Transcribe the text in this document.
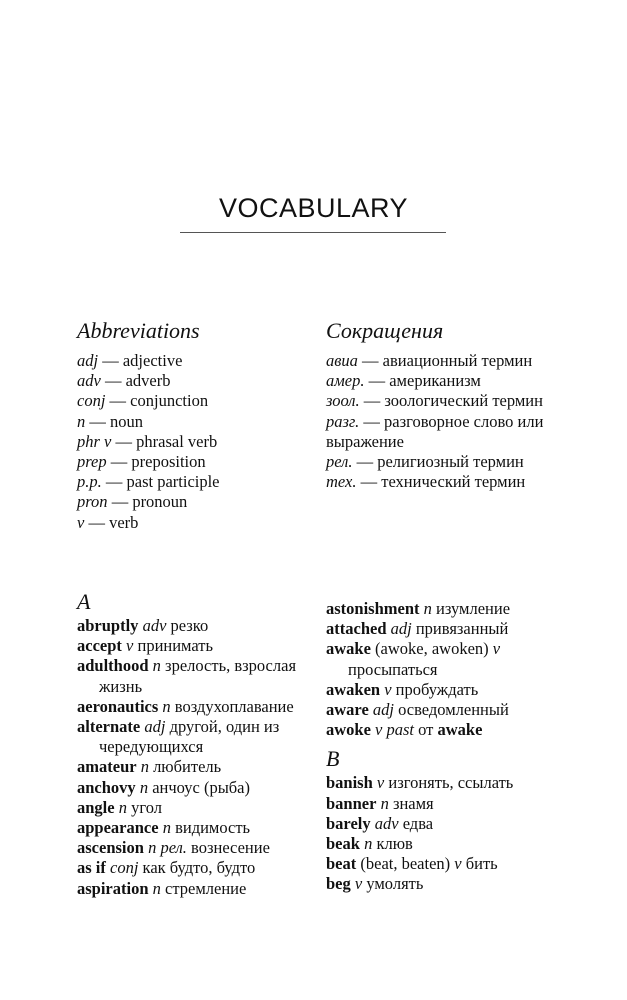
VOCABULARY
Abbreviations
adj — adjective
adv — adverb
conj — conjunction
n — noun
phr v — phrasal verb
prep — preposition
p.p. — past participle
pron — pronoun
v — verb
Сокращения
авиа — авиационный термин
амер. — американизм
зоол. — зоологический термин
разг. — разговорное слово или выражение
рел. — религиозный термин
тех. — технический термин
A
abruptly adv резко
accept v принимать
adulthood n зрелость, взрослая жизнь
aeronautics n воздухоплавание
alternate adj другой, один из чередующихся
amateur n любитель
anchovy n анчоус (рыба)
angle n угол
appearance n видимость
ascension n рел. вознесение
as if conj как будто, будто
aspiration n стремление
astonishment n изумление
attached adj привязанный
awake (awoke, awoken) v просыпаться
awaken v пробуждать
aware adj осведомленный
awoke v past от awake
B
banish v изгонять, ссылать
banner n знамя
barely adv едва
beak n клюв
beat (beat, beaten) v бить
beg v умолять
